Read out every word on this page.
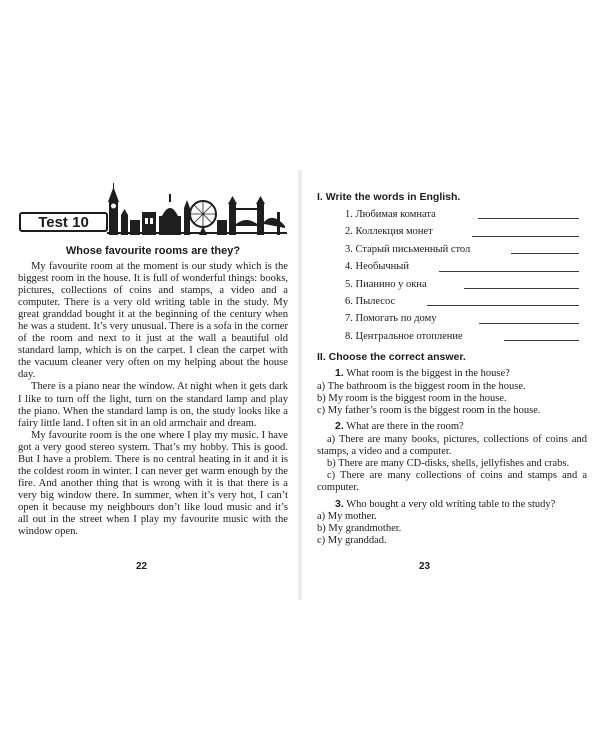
Test 10
Whose favourite rooms are they?

My favourite room at the moment is our study which is the biggest room in the house. It is full of wonderful things: books, pictures, collections of coins and stamps, a video and a computer. There is a very old writing table in the study. My great granddad bought it at the beginning of the century when he was a student. It’s very unusual. There is a sofa in the corner of the room and next to it just at the wall a beautiful old standard lamp, which is on the carpet. I clean the carpet with the vacuum cleaner very often on my helping about the house day.

There is a piano near the window. At night when it gets dark I like to turn off the light, turn on the standard lamp and play the piano. When the standard lamp is on, the study looks like a fairy little land. I often sit in an old armchair and dream.

My favourite room is the one where I play my music. I have got a very good stereo system. That’s my hobby. This is good. But I have a problem. There is no central heating in it and it is the coldest room in winter. I can never get warm enough by the fire. And another thing that is wrong with it is that there is a very big window there. In summer, when it’s very hot, I can’t open it because my neighbours don’t like loud music and it’s all out in the street when I play my favourite music with the window open.

22
I. Write the words in English.
1. Любимая комната
2. Коллекция монет
3. Старый письменный стол
4. Необычный
5. Пианино у окна
6. Пылесос
7. Помогать по дому
8. Центральное отопление
II. Choose the correct answer.

1. What room is the biggest in the house?

a) The bathroom is the biggest room in the house.

b) My room is the biggest room in the house.

c) My father’s room is the biggest room in the house.

2. What are there in the room?

a) There are many books, pictures, collections of coins and stamps, a video and a computer.

b) There are many CD-disks, shells, jellyfishes and crabs.

c) There are many collections of coins and stamps and a computer.

3. Who bought a very old writing table to the study?

a) My mother.

b) My grandmother.

c) My granddad.

23
